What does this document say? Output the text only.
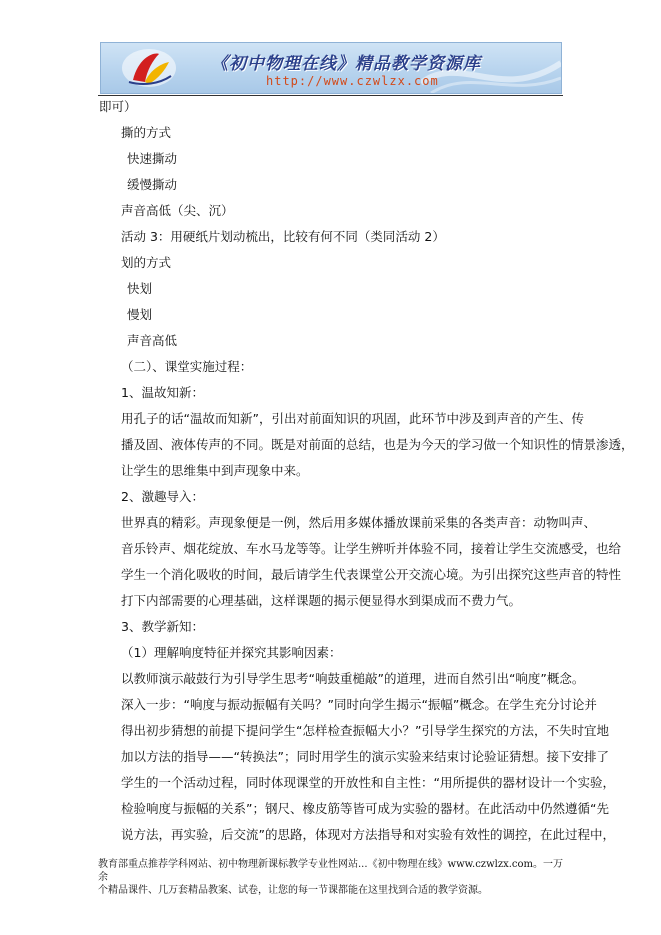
《初中物理在线》精品教学资源库
http://www.czwlzx.com
即可）
撕的方式
快速撕动
缓慢撕动
声音高低（尖、沉）
活动 3：用硬纸片划动梳出，比较有何不同（类同活动 2）
划的方式
快划
慢划
声音高低
（二）、课堂实施过程：
1、温故知新：
用孔子的话“温故而知新”，引出对前面知识的巩固，此环节中涉及到声音的产生、传
播及固、液体传声的不同。既是对前面的总结，也是为今天的学习做一个知识性的情景渗透，
让学生的思维集中到声现象中来。
2、激趣导入：
世界真的精彩。声现象便是一例，然后用多媒体播放课前采集的各类声音：动物叫声、
音乐铃声、烟花绽放、车水马龙等等。让学生辨听并体验不同，接着让学生交流感受，也给
学生一个消化吸收的时间，最后请学生代表课堂公开交流心境。为引出探究这些声音的特性
打下内部需要的心理基础，这样课题的揭示便显得水到渠成而不费力气。
3、教学新知：
（1）理解响度特征并探究其影响因素：
以教师演示敲鼓行为引导学生思考“响鼓重槌敲”的道理，进而自然引出“响度”概念。
深入一步：“响度与振动振幅有关吗？”同时向学生揭示“振幅”概念。在学生充分讨论并
得出初步猜想的前提下提问学生“怎样检查振幅大小？”引导学生探究的方法，不失时宜地
加以方法的指导——“转换法”；同时用学生的演示实验来结束讨论验证猜想。接下安排了
学生的一个活动过程，同时体现课堂的开放性和自主性：“用所提供的器材设计一个实验，
检验响度与振幅的关系”；钢尺、橡皮筋等皆可成为实验的器材。在此活动中仍然遵循“先
说方法，再实验，后交流”的思路，体现对方法指导和对实验有效性的调控，在此过程中，
教育部重点推荐学科网站、初中物理新课标教学专业性网站...《初中物理在线》www.czwlzx.com。一万余
个精品课件、几万套精品教案、试卷，让您的每一节课都能在这里找到合适的教学资源。
